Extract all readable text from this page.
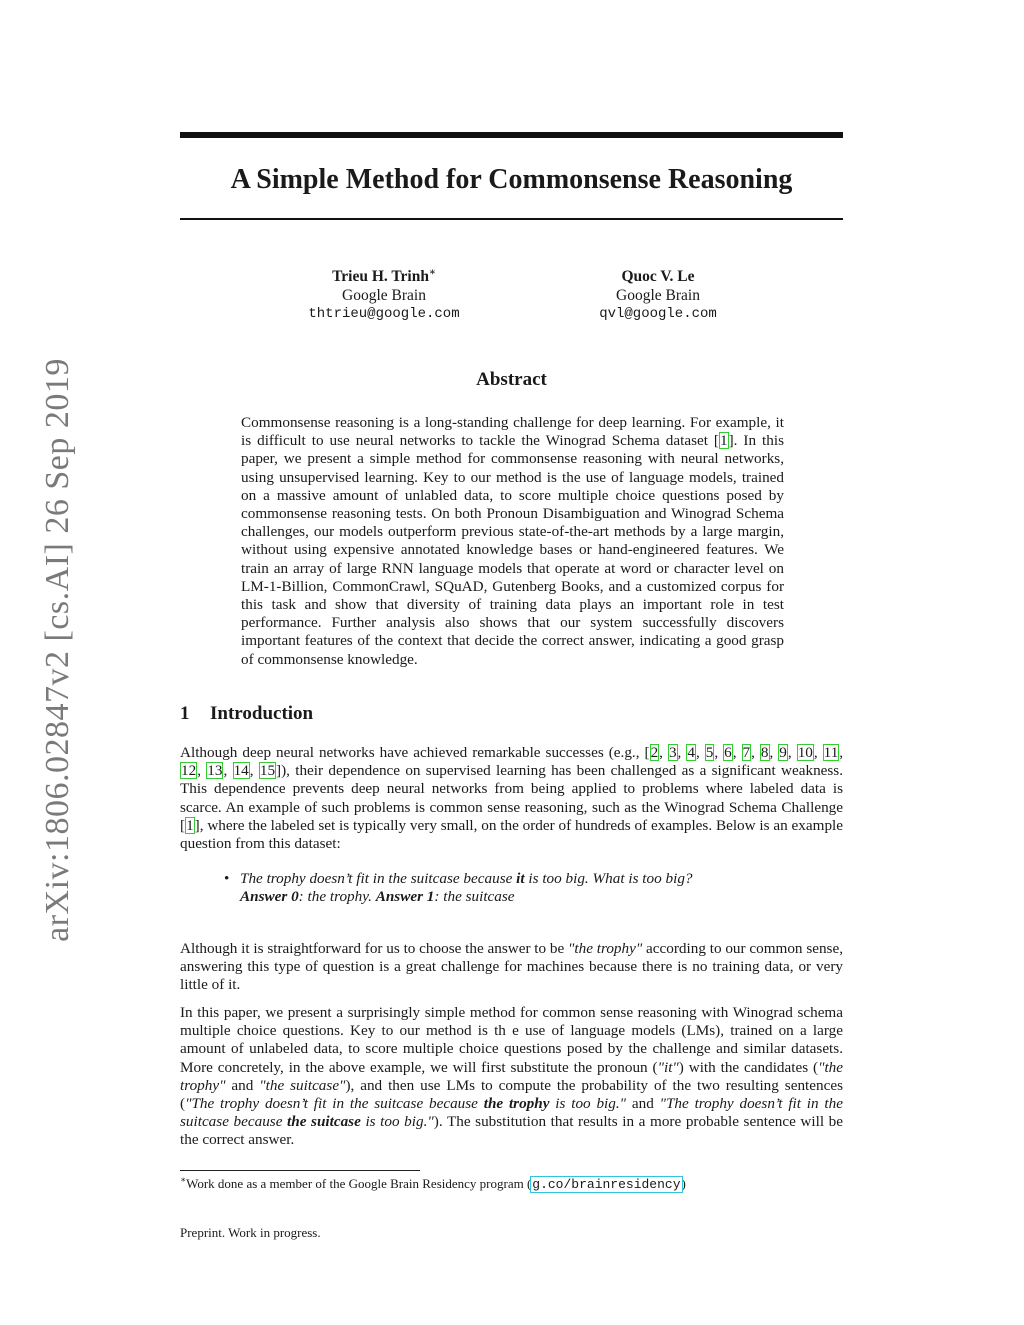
arXiv:1806.02847v2 [cs.AI] 26 Sep 2019
A Simple Method for Commonsense Reasoning
Trieu H. Trinh∗
Google Brain
thtrieu@google.com
Quoc V. Le
Google Brain
qvl@google.com
Abstract

Commonsense reasoning is a long-standing challenge for deep learning. For example, it is difficult to use neural networks to tackle the Winograd Schema dataset [1]. In this paper, we present a simple method for commonsense reasoning with neural networks, using unsupervised learning. Key to our method is the use of language models, trained on a massive amount of unlabled data, to score multiple choice questions posed by commonsense reasoning tests. On both Pronoun Disambiguation and Winograd Schema challenges, our models outperform previous state-of-the-art methods by a large margin, without using expensive annotated knowledge bases or hand-engineered features. We train an array of large RNN language models that operate at word or character level on LM-1-Billion, CommonCrawl, SQuAD, Gutenberg Books, and a customized corpus for this task and show that diversity of training data plays an important role in test performance. Further analysis also shows that our system successfully discovers important features of the context that decide the correct answer, indicating a good grasp of commonsense knowledge.

1 Introduction

Although deep neural networks have achieved remarkable successes (e.g., [2, 3, 4, 5, 6, 7, 8, 9, 10, 11, 12, 13, 14, 15]), their dependence on supervised learning has been challenged as a significant weakness. This dependence prevents deep neural networks from being applied to problems where labeled data is scarce. An example of such problems is common sense reasoning, such as the Winograd Schema Challenge [1], where the labeled set is typically very small, on the order of hundreds of examples. Below is an example question from this dataset:

• The trophy doesn’t fit in the suitcase because it is too big. What is too big?
Answer 0: the trophy. Answer 1: the suitcase

Although it is straightforward for us to choose the answer to be "the trophy" according to our common sense, answering this type of question is a great challenge for machines because there is no training data, or very little of it.

In this paper, we present a surprisingly simple method for common sense reasoning with Winograd schema multiple choice questions. Key to our method is th e use of language models (LMs), trained on a large amount of unlabeled data, to score multiple choice questions posed by the challenge and similar datasets. More concretely, in the above example, we will first substitute the pronoun ("it") with the candidates ("the trophy" and "the suitcase"), and then use LMs to compute the probability of the two resulting sentences ("The trophy doesn’t fit in the suitcase because the trophy is too big." and "The trophy doesn’t fit in the suitcase because the suitcase is too big."). The substitution that results in a more probable sentence will be the correct answer.

∗Work done as a member of the Google Brain Residency program (g.co/brainresidency)

Preprint. Work in progress.
